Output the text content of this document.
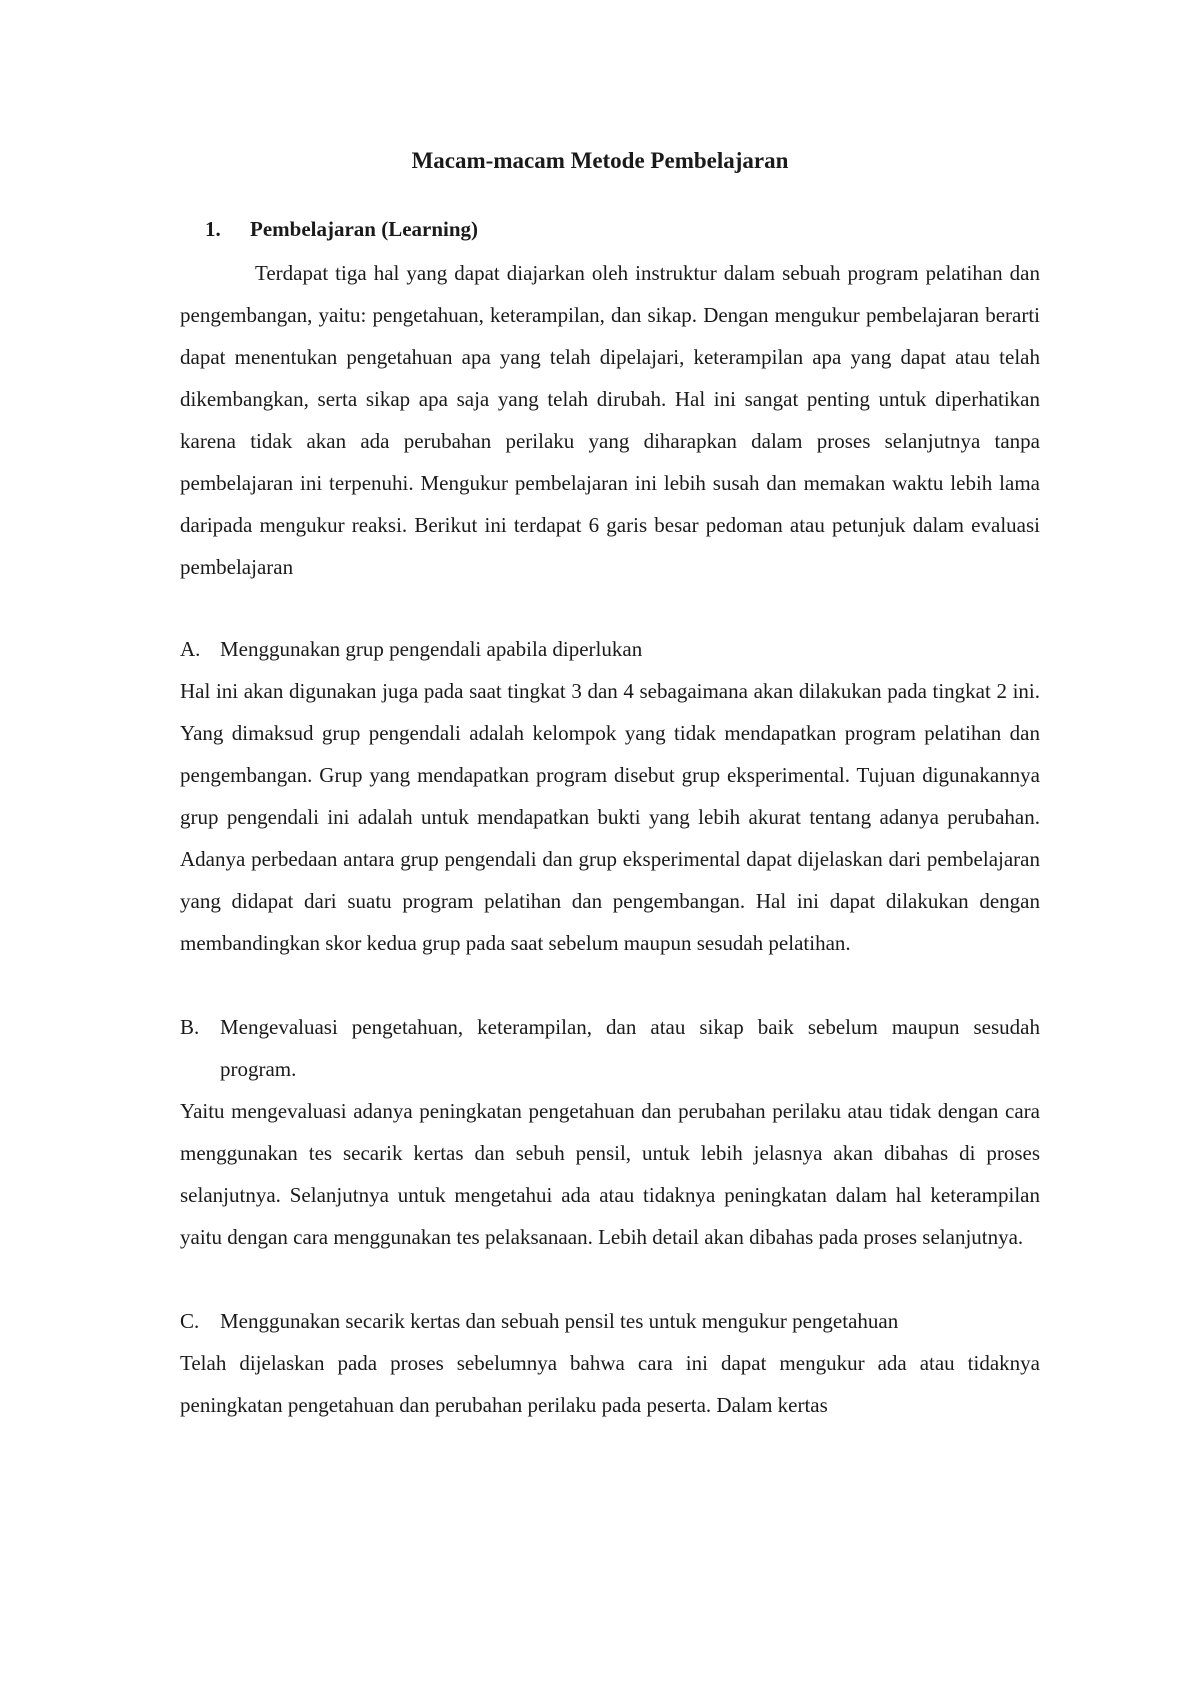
Macam-macam Metode Pembelajaran
1. Pembelajaran (Learning)

Terdapat tiga hal yang dapat diajarkan oleh instruktur dalam sebuah program pelatihan dan pengembangan, yaitu: pengetahuan, keterampilan, dan sikap. Dengan mengukur pembelajaran berarti dapat menentukan pengetahuan apa yang telah dipelajari, keterampilan apa yang dapat atau telah dikembangkan, serta sikap apa saja yang telah dirubah. Hal ini sangat penting untuk diperhatikan karena tidak akan ada perubahan perilaku yang diharapkan dalam proses selanjutnya tanpa pembelajaran ini terpenuhi. Mengukur pembelajaran ini lebih susah dan memakan waktu lebih lama daripada mengukur reaksi. Berikut ini terdapat 6 garis besar pedoman atau petunjuk dalam evaluasi pembelajaran

A. Menggunakan grup pengendali apabila diperlukan

Hal ini akan digunakan juga pada saat tingkat 3 dan 4 sebagaimana akan dilakukan pada tingkat 2 ini. Yang dimaksud grup pengendali adalah kelompok yang tidak mendapatkan program pelatihan dan pengembangan. Grup yang mendapatkan program disebut grup eksperimental. Tujuan digunakannya grup pengendali ini adalah untuk mendapatkan bukti yang lebih akurat tentang adanya perubahan. Adanya perbedaan antara grup pengendali dan grup eksperimental dapat dijelaskan dari pembelajaran yang didapat dari suatu program pelatihan dan pengembangan. Hal ini dapat dilakukan dengan membandingkan skor kedua grup pada saat sebelum maupun sesudah pelatihan.

B. Mengevaluasi pengetahuan, keterampilan, dan atau sikap baik sebelum maupun sesudah program.

Yaitu mengevaluasi adanya peningkatan pengetahuan dan perubahan perilaku atau tidak dengan cara menggunakan tes secarik kertas dan sebuh pensil, untuk lebih jelasnya akan dibahas di proses selanjutnya. Selanjutnya untuk mengetahui ada atau tidaknya peningkatan dalam hal keterampilan yaitu dengan cara menggunakan tes pelaksanaan. Lebih detail akan dibahas pada proses selanjutnya.

C. Menggunakan secarik kertas dan sebuah pensil tes untuk mengukur pengetahuan

Telah dijelaskan pada proses sebelumnya bahwa cara ini dapat mengukur ada atau tidaknya peningkatan pengetahuan dan perubahan perilaku pada peserta. Dalam kertas
